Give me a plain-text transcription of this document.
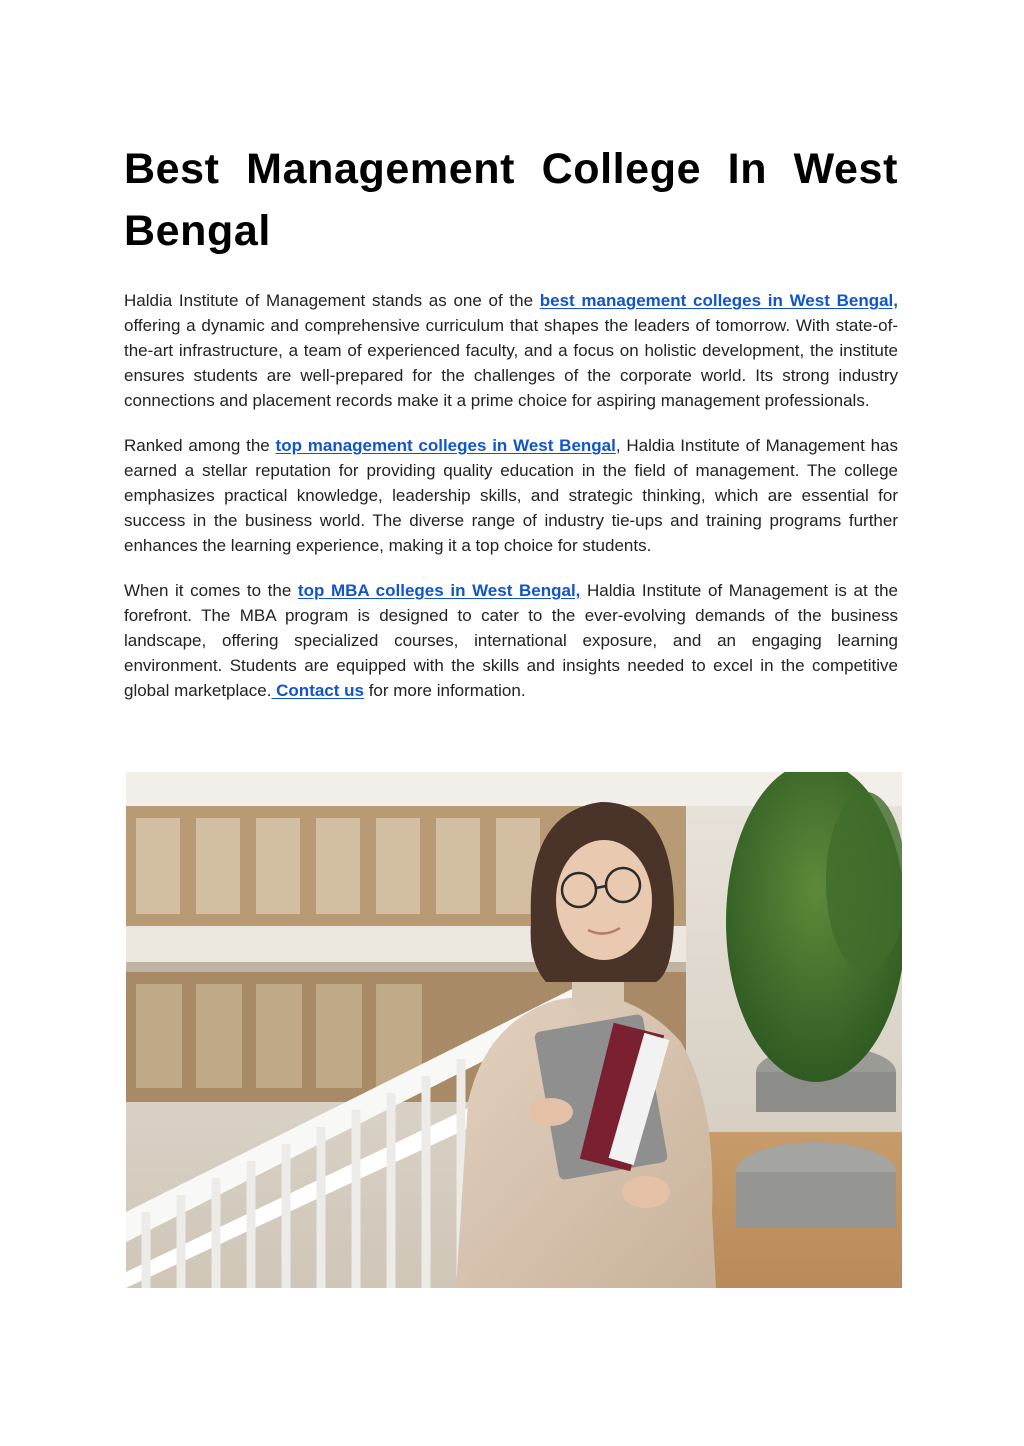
Best Management College In West Bengal

Haldia Institute of Management stands as one of the best management colleges in West Bengal, offering a dynamic and comprehensive curriculum that shapes the leaders of tomorrow. With state-of-the-art infrastructure, a team of experienced faculty, and a focus on holistic development, the institute ensures students are well-prepared for the challenges of the corporate world. Its strong industry connections and placement records make it a prime choice for aspiring management professionals.

Ranked among the top management colleges in West Bengal, Haldia Institute of Management has earned a stellar reputation for providing quality education in the field of management. The college emphasizes practical knowledge, leadership skills, and strategic thinking, which are essential for success in the business world. The diverse range of industry tie-ups and training programs further enhances the learning experience, making it a top choice for students.

When it comes to the top MBA colleges in West Bengal, Haldia Institute of Management is at the forefront. The MBA program is designed to cater to the ever-evolving demands of the business landscape, offering specialized courses, international exposure, and an engaging learning environment. Students are equipped with the skills and insights needed to excel in the competitive global marketplace. Contact us for more information.
